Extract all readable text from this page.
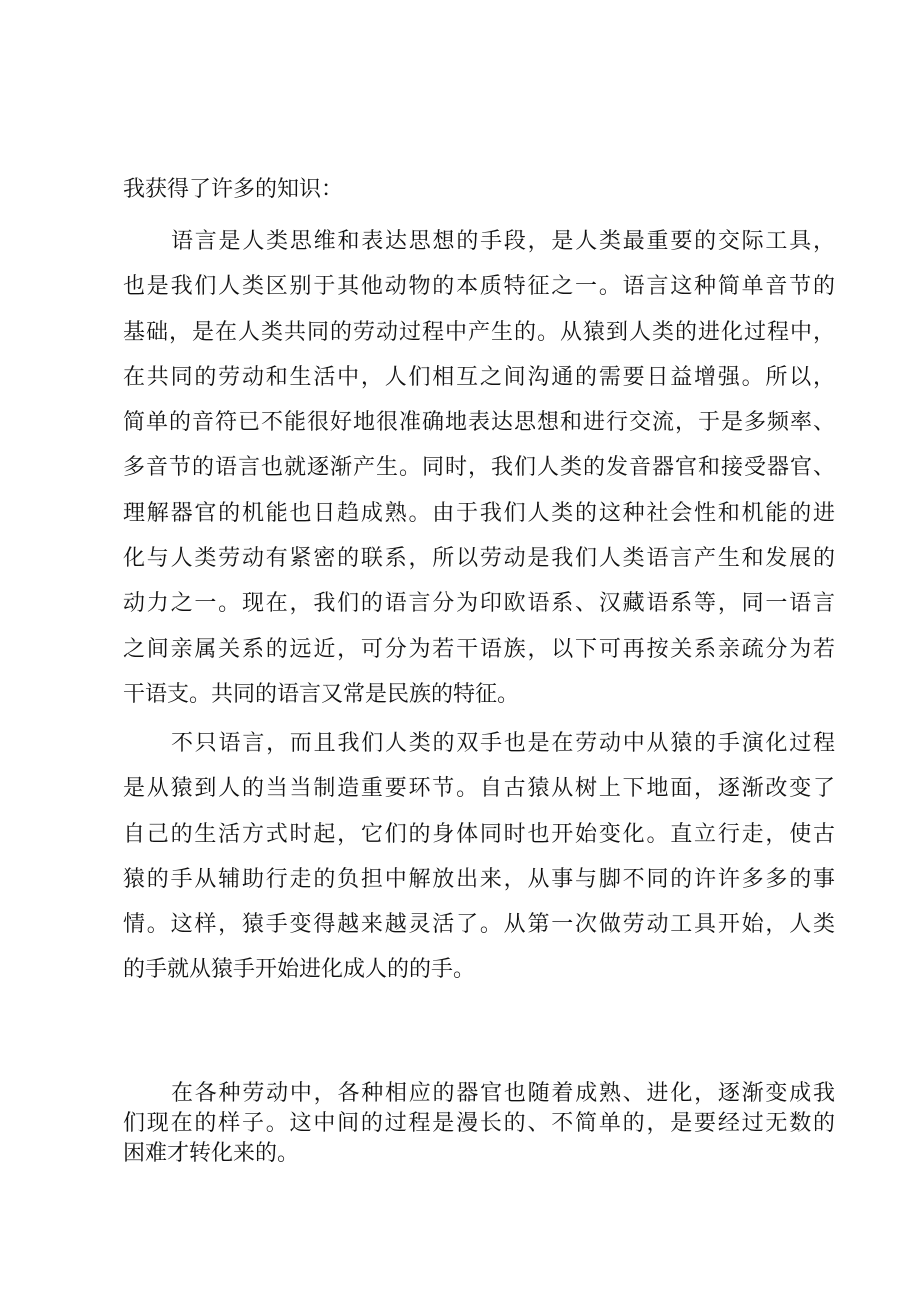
我获得了许多的知识：
语言是人类思维和表达思想的手段，是人类最重要的交际工具，
也是我们人类区别于其他动物的本质特征之一。语言这种简单音节的
基础，是在人类共同的劳动过程中产生的。从猿到人类的进化过程中，
在共同的劳动和生活中，人们相互之间沟通的需要日益增强。所以，
简单的音符已不能很好地很准确地表达思想和进行交流，于是多频率、
多音节的语言也就逐渐产生。同时，我们人类的发音器官和接受器官、
理解器官的机能也日趋成熟。由于我们人类的这种社会性和机能的进
化与人类劳动有紧密的联系，所以劳动是我们人类语言产生和发展的
动力之一。现在，我们的语言分为印欧语系、汉藏语系等，同一语言
之间亲属关系的远近，可分为若干语族，以下可再按关系亲疏分为若
干语支。共同的语言又常是民族的特征。
不只语言，而且我们人类的双手也是在劳动中从猿的手演化过程
是从猿到人的当当制造重要环节。自古猿从树上下地面，逐渐改变了
自己的生活方式时起，它们的身体同时也开始变化。直立行走，使古
猿的手从辅助行走的负担中解放出来，从事与脚不同的许许多多的事
情。这样，猿手变得越来越灵活了。从第一次做劳动工具开始，人类
的手就从猿手开始进化成人的的手。
在各种劳动中，各种相应的器官也随着成熟、进化，逐渐变成我
们现在的样子。这中间的过程是漫长的、不简单的，是要经过无数的
困难才转化来的。
